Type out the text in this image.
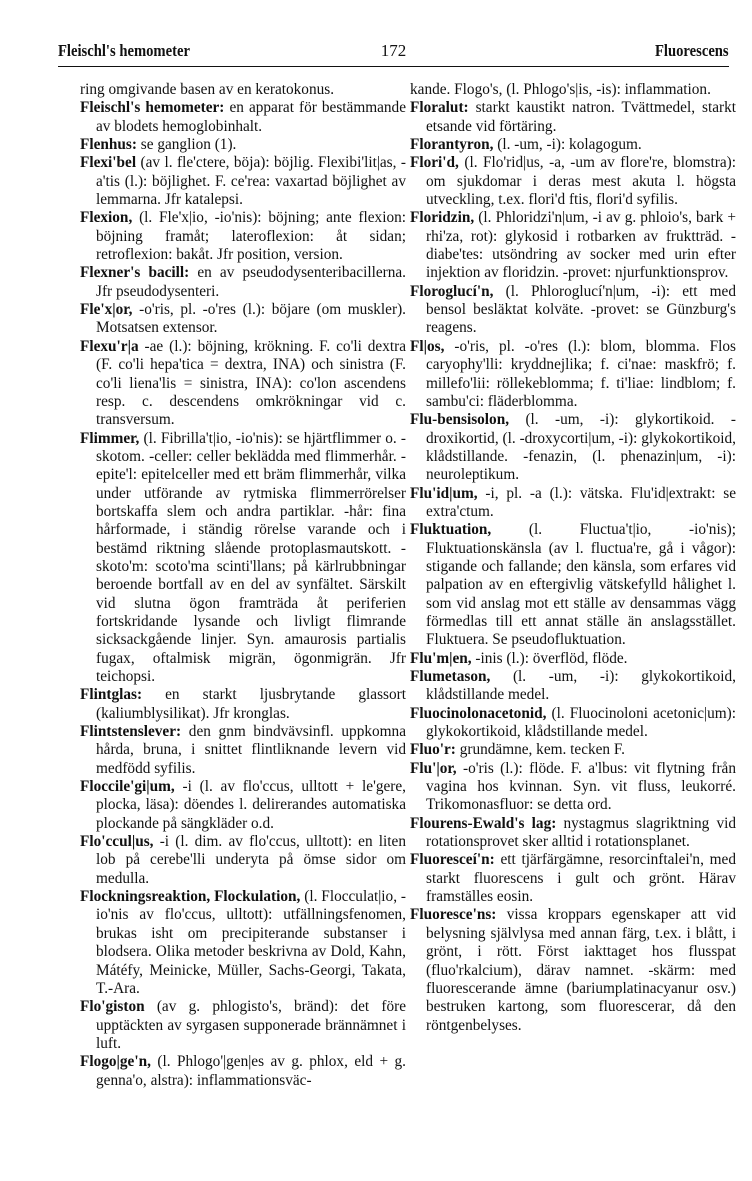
Fleischl's hemometer	172	Fluorescens

ring omgivande basen av en keratokonus.

Fleischl's hemometer: en apparat för bestämmande av blodets hemoglobinhalt.

Flenhus: se ganglion (1).

Flexi'bel (av l. fle'ctere, böja): böjlig. Flexibi'lit|as, -a'tis (l.): böjlighet. F. ce'rea: vaxartad böjlighet av lemmarna. Jfr katalepsi.

Flexion, (l. Fle'x|io, -io'nis): böjning; ante flexion: böjning framåt; lateroflexion: åt sidan; retroflexion: bakåt. Jfr position, version.

Flexner's bacill: en av pseudodysenteribacillerna. Jfr pseudodysenteri.

Fle'x|or, -o'ris, pl. -o'res (l.): böjare (om muskler). Motsatsen extensor.

Flexu'r|a -ae (l.): böjning, krökning. F. co'li dextra (F. co'li hepa'tica = dextra, INA) och sinistra (F. co'li liena'lis = sinistra, INA): co'lon ascendens resp. c. descendens omkrökningar vid c. transversum.

Flimmer, (l. Fibrilla't|io, -io'nis): se hjärtflimmer o. -skotom. -celler: celler beklädda med flimmerhår. -epite'l: epitelceller med ett bräm flimmerhår, vilka under utförande av rytmiska flimmerrörelser bortskaffa slem och andra partiklar. -hår: fina hårformade, i ständig rörelse varande och i bestämd riktning slående protoplasmautskott. -skoto'm: scoto'ma scinti'llans; på kärlrubbningar beroende bortfall av en del av synfältet. Särskilt vid slutna ögon framträda åt periferien fortskridande lysande och livligt flimrande sicksackgående linjer. Syn. amaurosis partialis fugax, oftalmisk migrän, ögonmigrän. Jfr teichopsi.

Flintglas: en starkt ljusbrytande glassort (kaliumblysilikat). Jfr kronglas.

Flintstenslever: den gnm bindvävsinfl. uppkomna hårda, bruna, i snittet flintliknande levern vid medfödd syfilis.

Floccile'gi|um, -i (l. av flo'ccus, ulltott + le'gere, plocka, läsa): döendes l. delirerandes automatiska plockande på sängkläder o.d.

Flo'ccul|us, -i (l. dim. av flo'ccus, ulltott): en liten lob på cerebe'lli underyta på ömse sidor om medulla.

Flockningsreaktion, Flockulation, (l. Flocculat|io, -io'nis av flo'ccus, ulltott): utfällningsfenomen, brukas isht om precipiterande substanser i blodsera. Olika metoder beskrivna av Dold, Kahn, Mátéfy, Meinicke, Müller, Sachs-Georgi, Takata, T.-Ara.

Flo'giston (av g. phlogisto's, bränd): det före upptäckten av syrgasen supponerade brännämnet i luft.

Flogo|ge'n, (l. Phlogo'|gen|es av g. phlox, eld + g. genna'o, alstra): inflammationsväc-

kande. Flogo's, (l. Phlogo's|is, -is): inflammation.

Floralut: starkt kaustikt natron. Tvättmedel, starkt etsande vid förtäring.

Florantyron, (l. -um, -i): kolagogum.

Flori'd, (l. Flo'rid|us, -a, -um av flore're, blomstra): om sjukdomar i deras mest akuta l. högsta utveckling, t.ex. flori'd ftis, flori'd syfilis.

Floridzin, (l. Phloridzi'n|um, -i av g. phloio's, bark + rhi'za, rot): glykosid i rotbarken av fruktträd. -diabe'tes: utsöndring av socker med urin efter injektion av floridzin. -provet: njurfunktionsprov.

Floroglucí'n, (l. Phloroglucí'n|um, -i): ett med bensol besläktat kolväte. -provet: se Günzburg's reagens.

Fl|os, -o'ris, pl. -o'res (l.): blom, blomma. Flos caryophy'lli: kryddnejlika; f. ci'nae: maskfrö; f. millefo'lii: röllekeblomma; f. ti'liae: lindblom; f. sambu'ci: fläderblomma.

Flu-bensisolon, (l. -um, -i): glykortikoid. -droxikortid, (l. -droxycorti|um, -i): glykokortikoid, klådstillande. -fenazin, (l. phenazin|um, -i): neuroleptikum.

Flu'id|um, -i, pl. -a (l.): vätska. Flu'id|extrakt: se extra'ctum.

Fluktuation, (l. Fluctua't|io, -io'nis); Fluktuationskänsla (av l. fluctua're, gå i vågor): stigande och fallande; den känsla, som erfares vid palpation av en eftergivlig vätskefylld hålighet l. som vid anslag mot ett ställe av densammas vägg förmedlas till ett annat ställe än anslagsstället. Fluktuera. Se pseudofluktuation.

Flu'm|en, -inis (l.): överflöd, flöde.

Flumetason, (l. -um, -i): glykokortikoid, klådstillande medel.

Fluocinolonacetonid, (l. Fluocinoloni acetonic|um): glykokortikoid, klådstillande medel.

Fluo'r: grundämne, kem. tecken F.

Flu'|or, -o'ris (l.): flöde. F. a'lbus: vit flytning från vagina hos kvinnan. Syn. vit fluss, leukorré. Trikomonasfluor: se detta ord.

Flourens-Ewald's lag: nystagmus slagriktning vid rotationsprovet sker alltid i rotationsplanet.

Fluoresceí'n: ett tjärfärgämne, resorcinftalei'n, med starkt fluorescens i gult och grönt. Härav framställes eosin.

Fluoresce'ns: vissa kroppars egenskaper att vid belysning självlysa med annan färg, t.ex. i blått, i grönt, i rött. Först iakttaget hos flusspat (fluo'rkalcium), därav namnet. -skärm: med fluorescerande ämne (bariumplatinacyanur osv.) bestruken kartong, som fluorescerar, då den röntgenbelyses.
